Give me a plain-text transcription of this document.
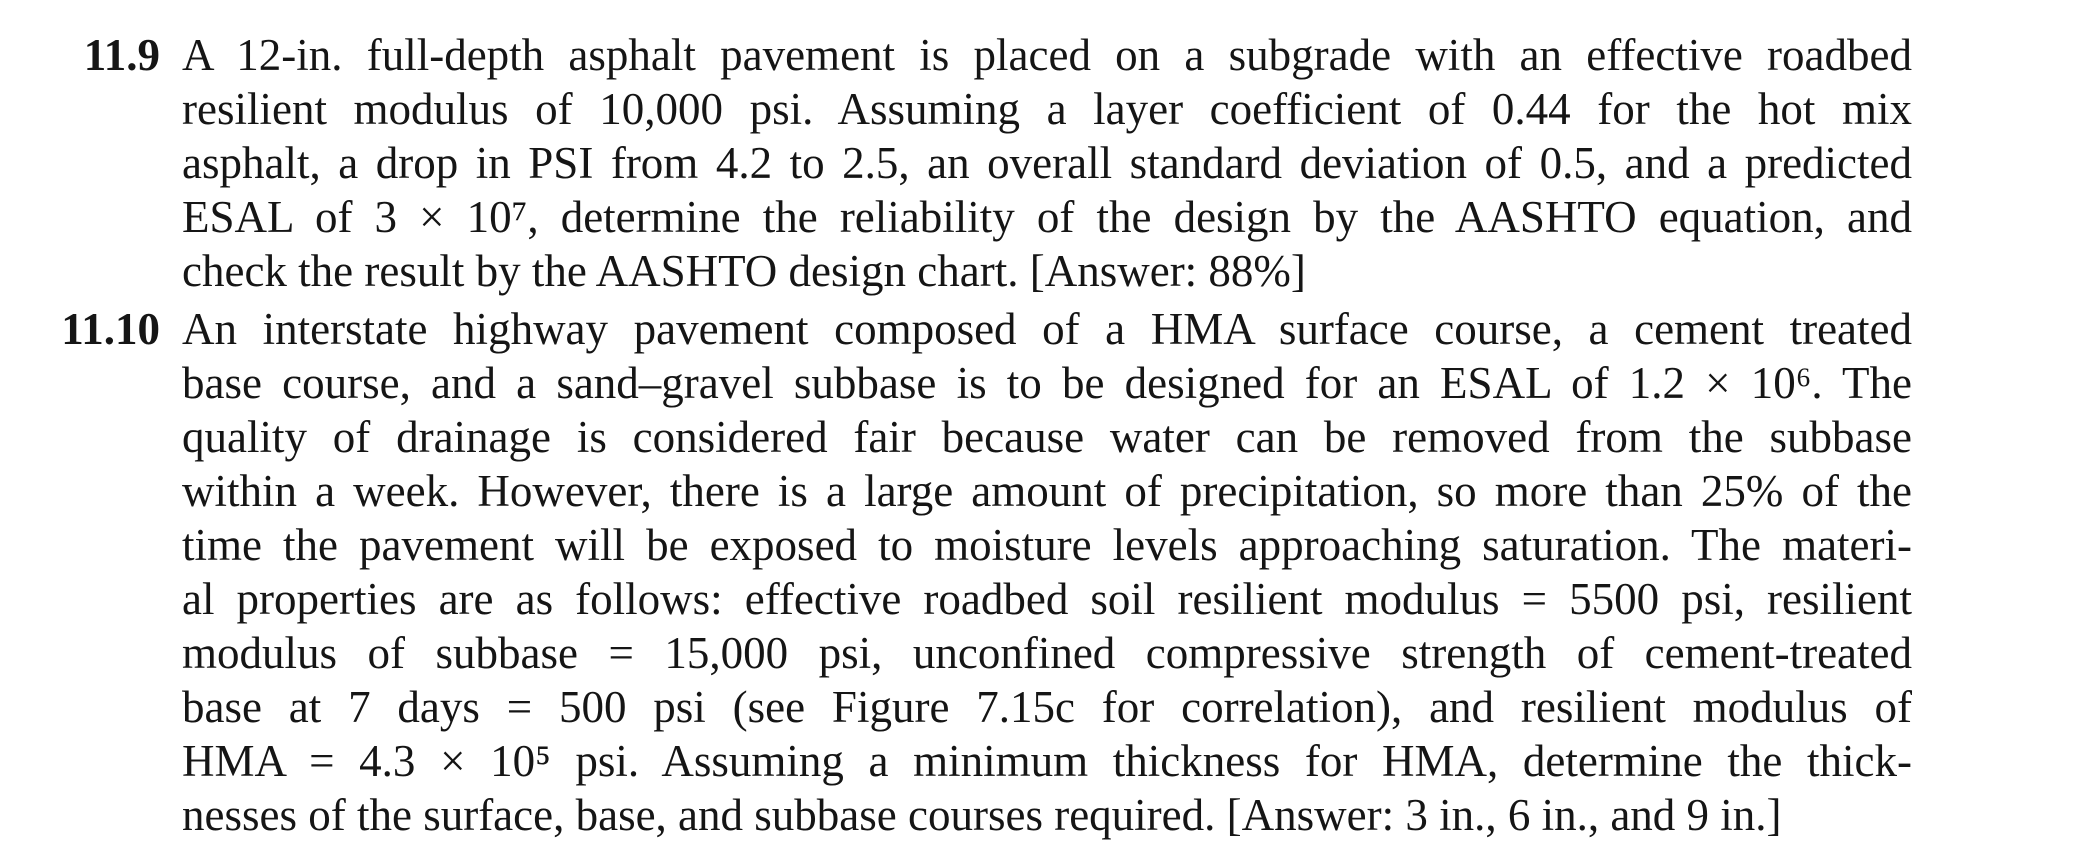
11.9 A 12-in. full-depth asphalt pavement is placed on a subgrade with an effective roadbed
resilient modulus of 10,000 psi. Assuming a layer coefficient of 0.44 for the hot mix
asphalt, a drop in PSI from 4.2 to 2.5, an overall standard deviation of 0.5, and a predicted
ESAL of 3 × 10⁷, determine the reliability of the design by the AASHTO equation, and
check the result by the AASHTO design chart. [Answer: 88%]
11.10 An interstate highway pavement composed of a HMA surface course, a cement treated
base course, and a sand–gravel subbase is to be designed for an ESAL of 1.2 × 10⁶. The
quality of drainage is considered fair because water can be removed from the subbase
within a week. However, there is a large amount of precipitation, so more than 25% of the
time the pavement will be exposed to moisture levels approaching saturation. The materi-
al properties are as follows: effective roadbed soil resilient modulus = 5500 psi, resilient
modulus of subbase = 15,000 psi, unconfined compressive strength of cement-treated
base at 7 days = 500 psi (see Figure 7.15c for correlation), and resilient modulus of
HMA = 4.3 × 10⁵ psi. Assuming a minimum thickness for HMA, determine the thick-
nesses of the surface, base, and subbase courses required. [Answer: 3 in., 6 in., and 9 in.]
